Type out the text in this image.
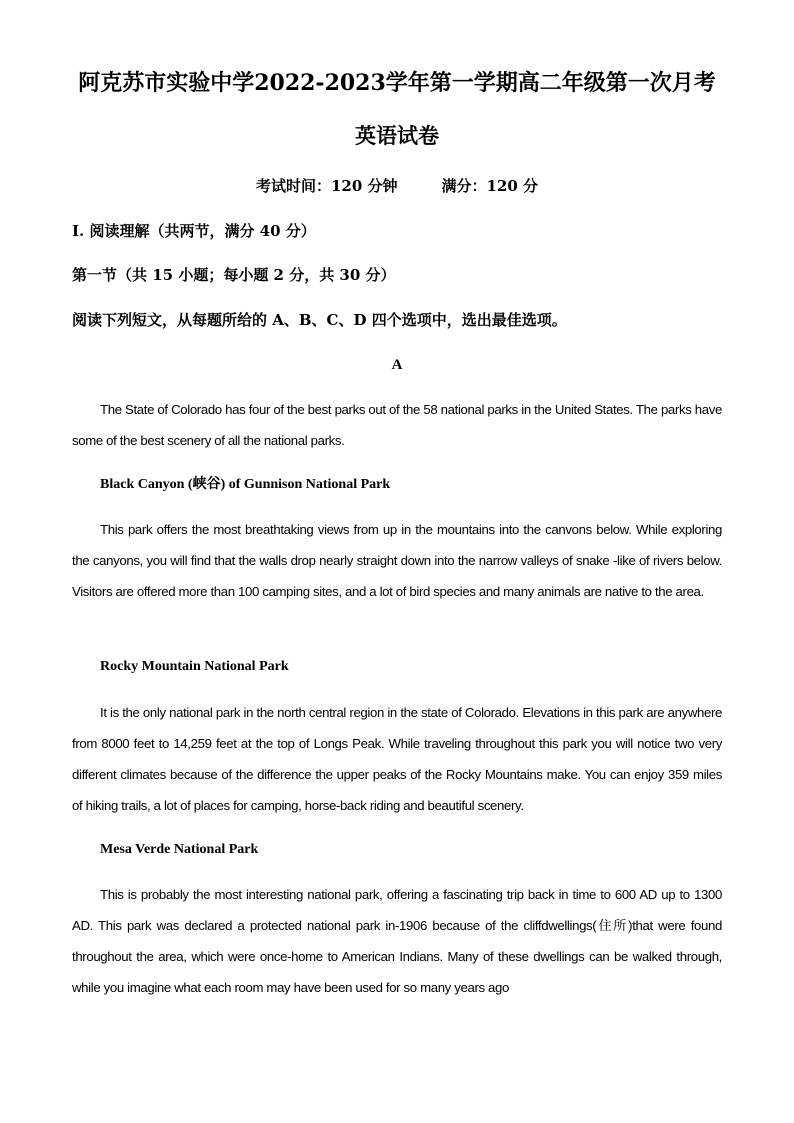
阿克苏市实验中学2022-2023学年第一学期高二年级第一次月考
英语试卷
考试时间：120 分钟	满分：120 分
I. 阅读理解（共两节，满分 40 分）
第一节（共 15 小题；每小题 2 分，共 30 分）
阅读下列短文，从每题所给的 A、B、C、D 四个选项中，选出最佳选项。
A

The State of Colorado has four of the best parks out of the 58 national parks in the United States. The parks have some of the best scenery of all the national parks.

Black Canyon (峡谷) of Gunnison National Park

This park offers the most breathtaking views from up in the mountains into the canvons below. While exploring the canyons, you will find that the walls drop nearly straight down into the narrow valleys of snake -like of rivers below. Visitors are offered more than 100 camping sites, and a lot of bird species and many animals are native to the area.

Rocky Mountain National Park

It is the only national park in the north central region in the state of Colorado. Elevations in this park are anywhere from 8000 feet to 14,259 feet at the top of Longs Peak. While traveling throughout this park you will notice two very different climates because of the difference the upper peaks of the Rocky Mountains make. You can enjoy 359 miles of hiking trails, a lot of places for camping, horse-back riding and beautiful scenery.

Mesa Verde National Park

This is probably the most interesting national park, offering a fascinating trip back in time to 600 AD up to 1300 AD. This park was declared a protected national park in-1906 because of the cliffdwellings(住所)that were found throughout the area, which were once-home to American Indians. Many of these dwellings can be walked through, while you imagine what each room may have been used for so many years ago
